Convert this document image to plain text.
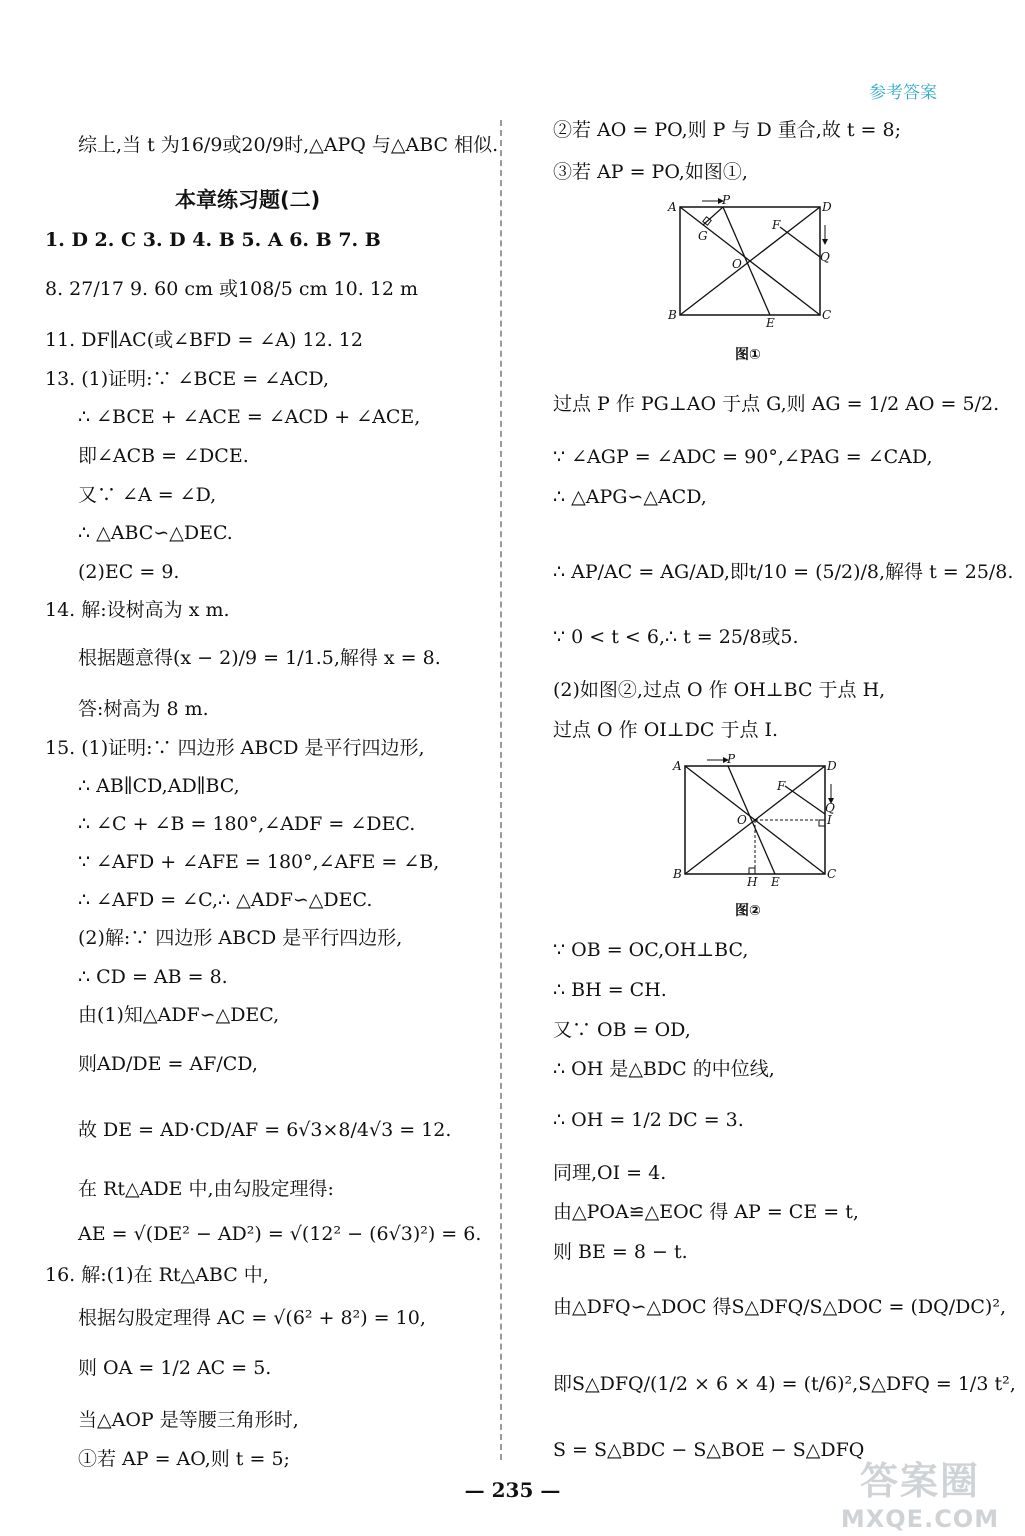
参考答案
综上,当 t 为16/9或20/9时,△APQ 与△ABC 相似.
本章练习题(二)
1. D 2. C 3. D 4. B 5. A 6. B 7. B
8. 27/17 9. 60 cm 或108/5 cm 10. 12 m
11. DF∥AC(或∠BFD = ∠A) 12. 12
13. (1)证明:∵ ∠BCE = ∠ACD,
∴ ∠BCE + ∠ACE = ∠ACD + ∠ACE,
即∠ACB = ∠DCE.
又∵ ∠A = ∠D,
∴ △ABC∽△DEC.
(2)EC = 9.
14. 解:设树高为 x m.
根据题意得(x − 2)/9 = 1/1.5,解得 x = 8.
答:树高为 8 m.
15. (1)证明:∵ 四边形 ABCD 是平行四边形,
∴ AB∥CD,AD∥BC,
∴ ∠C + ∠B = 180°,∠ADF = ∠DEC.
∵ ∠AFD + ∠AFE = 180°,∠AFE = ∠B,
∴ ∠AFD = ∠C,∴ △ADF∽△DEC.
(2)解:∵ 四边形 ABCD 是平行四边形,
∴ CD = AB = 8.
由(1)知△ADF∽△DEC,
则AD/DE = AF/CD,
故 DE = AD·CD/AF = 6√3×8/4√3 = 12.
在 Rt△ADE 中,由勾股定理得:
AE = √(DE² − AD²) = √(12² − (6√3)²) = 6.
16. 解:(1)在 Rt△ABC 中,
根据勾股定理得 AC = √(6² + 8²) = 10,
则 OA = 1/2 AC = 5.
当△AOP 是等腰三角形时,
①若 AP = AO,则 t = 5;
②若 AO = PO,则 P 与 D 重合,故 t = 8;
③若 AP = PO,如图①,
A	P	D
G
F
O	Q
B
E
C
图①
过点 P 作 PG⊥AO 于点 G,则 AG = 1/2 AO = 5/2.
∵ ∠AGP = ∠ADC = 90°,∠PAG = ∠CAD,
∴ △APG∽△ACD,
∴ AP/AC = AG/AD,即t/10 = (5/2)/8,解得 t = 25/8.
∵ 0 < t < 6,∴ t = 25/8或5.
(2)如图②,过点 O 作 OH⊥BC 于点 H,
过点 O 作 OI⊥DC 于点 I.
A	P	D
F
O
Q
I
B
H E
C
图②
∵ OB = OC,OH⊥BC,
∴ BH = CH.
又∵ OB = OD,
∴ OH 是△BDC 的中位线,
∴ OH = 1/2 DC = 3.
同理,OI = 4.
由△POA≌△EOC 得 AP = CE = t,
则 BE = 8 − t.
由△DFQ∽△DOC 得S△DFQ/S△DOC = (DQ/DC)²,
即S△DFQ/(1/2 × 6 × 4) = (t/6)²,S△DFQ = 1/3 t²,
S = S△BDC − S△BOE − S△DFQ
— 235 —	答案圈
MXQE.COM
